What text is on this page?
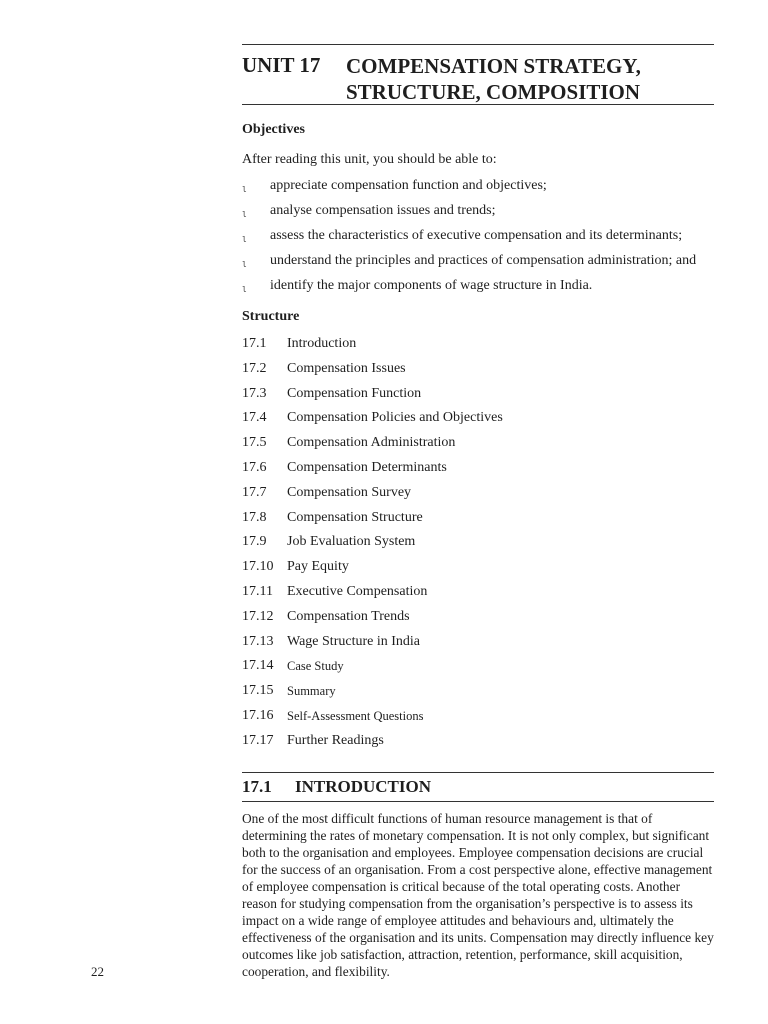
UNIT 17 COMPENSATION STRATEGY,
STRUCTURE, COMPOSITION
Objectives
After reading this unit, you should be able to:
l appreciate compensation function and objectives;
l analyse compensation issues and trends;
l assess the characteristics of executive compensation and its determinants;
l understand the principles and practices of compensation administration; and
l identify the major components of wage structure in India.
Structure
17.1 Introduction
17.2 Compensation Issues
17.3 Compensation Function
17.4 Compensation Policies and Objectives
17.5 Compensation Administration
17.6 Compensation Determinants
17.7 Compensation Survey
17.8 Compensation Structure
17.9 Job Evaluation System
17.10 Pay Equity
17.11 Executive Compensation
17.12 Compensation Trends
17.13 Wage Structure in India
17.14 Case Study
17.15 Summary
17.16 Self-Assessment Questions
17.17 Further Readings
17.1 INTRODUCTION

One of the most difficult functions of human resource management is that of determining the rates of monetary compensation. It is not only complex, but significant both to the organisation and employees. Employee compensation decisions are crucial for the success of an organisation. From a cost perspective alone, effective management of employee compensation is critical because of the total operating costs. Another reason for studying compensation from the organisation’s perspective is to assess its impact on a wide range of employee attitudes and behaviours and, ultimately the effectiveness of the organisation and its units. Compensation may directly influence key outcomes like job satisfaction, attraction, retention, performance, skill acquisition, cooperation, and flexibility.

22
